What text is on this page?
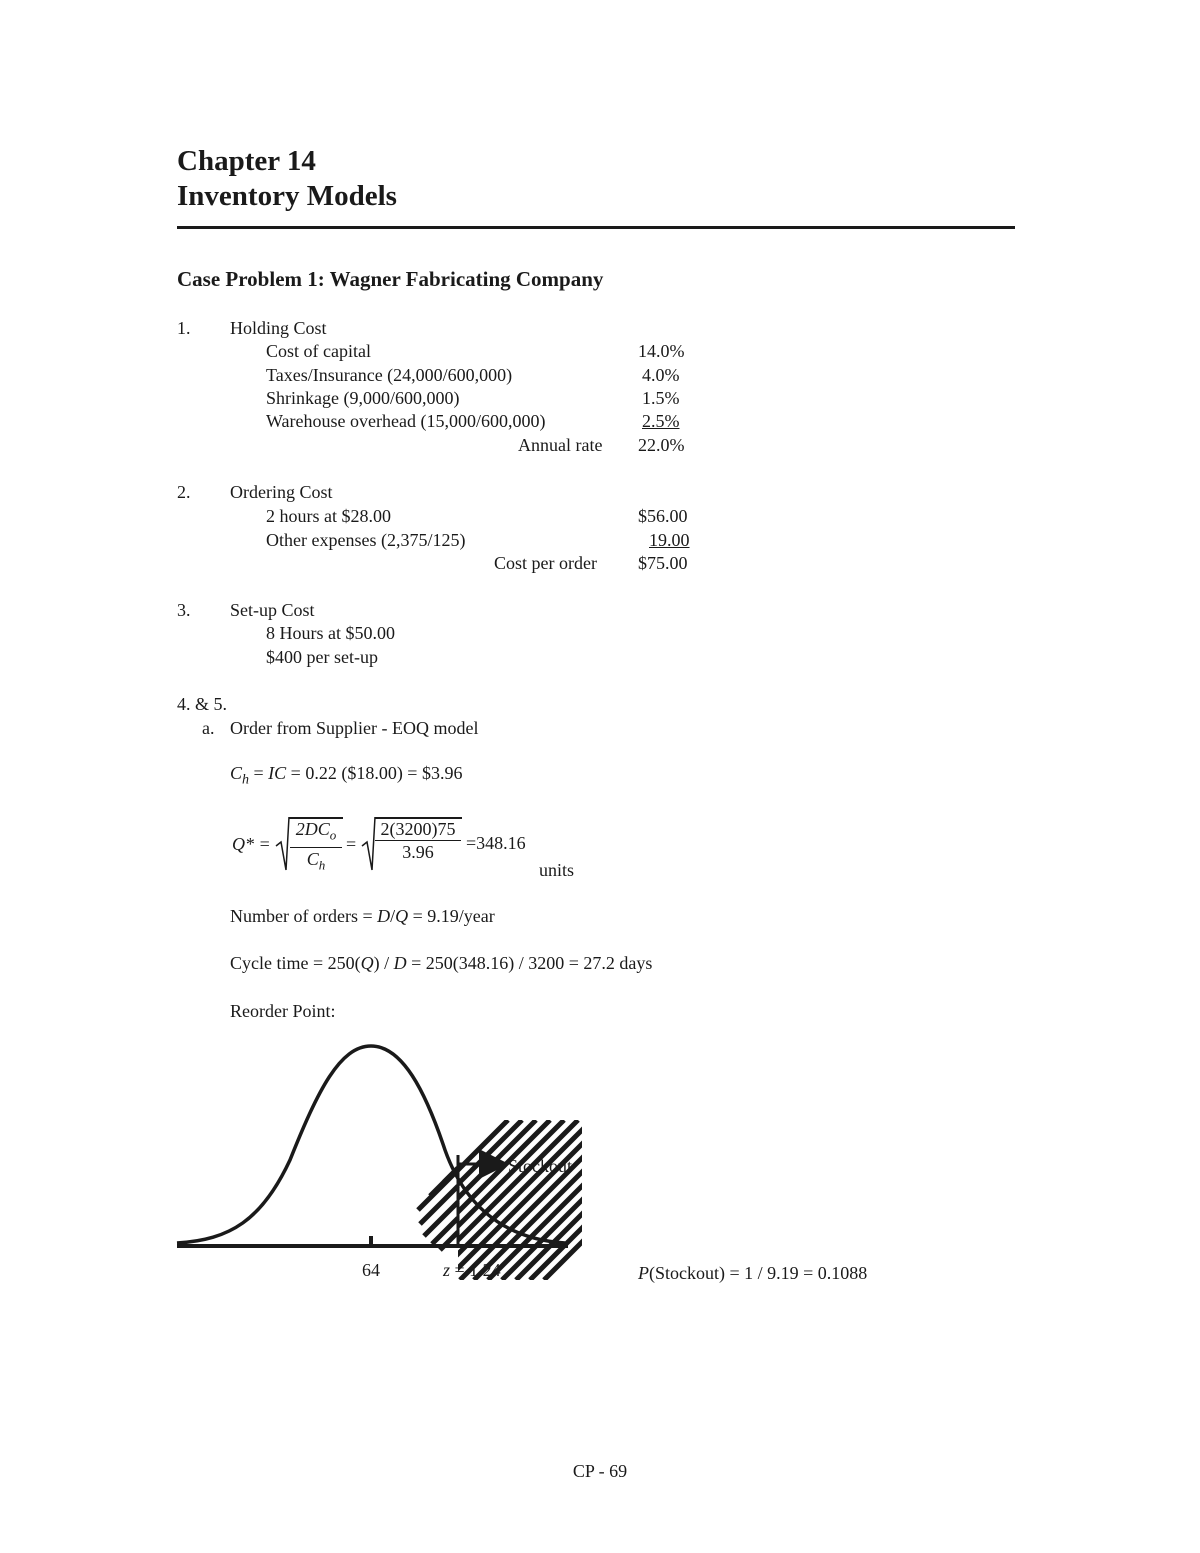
Chapter 14
Inventory Models
Case Problem 1: Wagner Fabricating Company
1. Holding Cost
Cost of capital	14.0%
Taxes/Insurance (24,000/600,000)	4.0%
Shrinkage (9,000/600,000)	1.5%
Warehouse overhead (15,000/600,000)	2.5%
Annual rate 22.0%
2. Ordering Cost
2 hours at $28.00	$56.00
Other expenses (2,375/125)	19.00
Cost per order $75.00
3. Set-up Cost
8 Hours at $50.00
$400 per set-up
4. & 5.
a. Order from Supplier - EOQ model
$C_h$ = IC = 0.22 ($18.00) = $3.96
Q* =
$2DC_o$
$C_h$
= $\frac{2(3200)75}{3.96} =348.16$
units
Number of orders = D/Q = 9.19/year
Cycle time = 250(Q) / D = 250(348.16) / 3200 = 27.2 days
Reorder Point:
Stockout
64	z = 1.24	P(Stockout) = 1 / 9.19 = 0.1088
CP - 69
